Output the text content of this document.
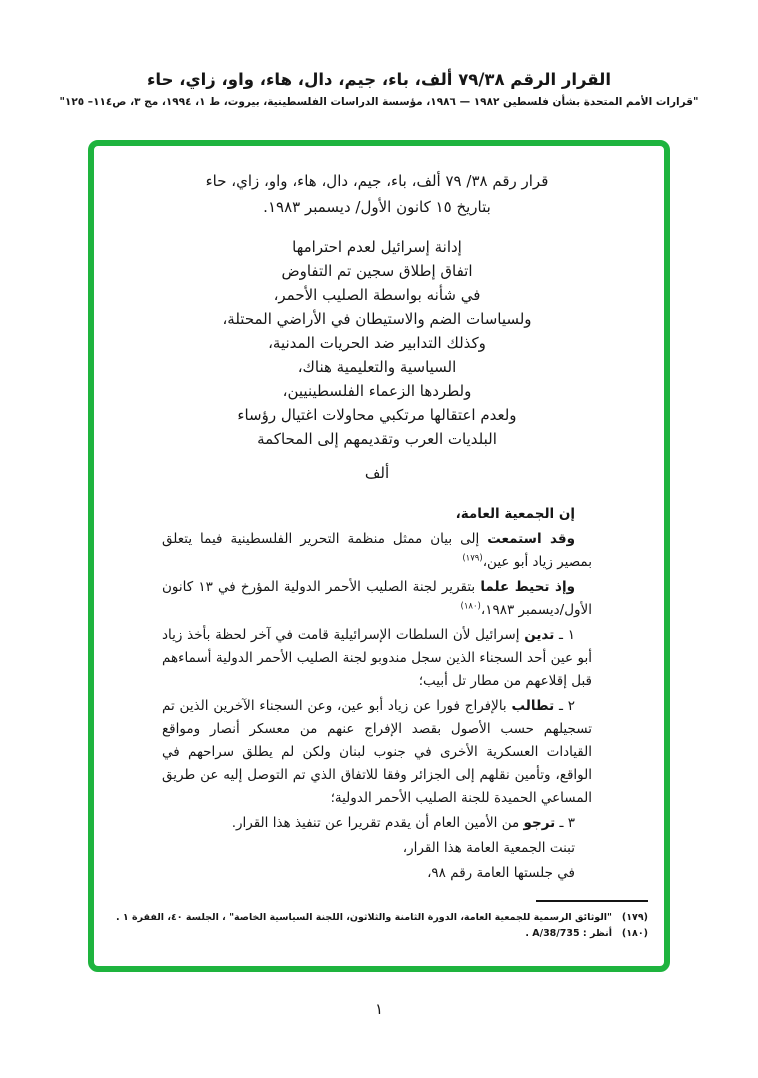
القرار الرقم ٧٩/٣٨ ألف، باء، جيم، دال، هاء، واو، زاي، حاء
"قرارات الأمم المتحدة بشأن فلسطين ١٩٨٢ — ١٩٨٦، مؤسسة الدراسات الفلسطينية، بيروت، ط ١، ١٩٩٤، مج ٣، ص١١٤– ١٢٥"
قرار رقم ٣٨/ ٧٩ ألف، باء، جيم، دال، هاء، واو، زاي، حاء
بتاريخ ١٥ كانون الأول/ ديسمبر ١٩٨٣.
إدانة إسرائيل لعدم احترامها
اتفاق إطلاق سجين تم التفاوض
في شأنه بواسطة الصليب الأحمر،
ولسياسات الضم والاستيطان في الأراضي المحتلة،
وكذلك التدابير ضد الحريات المدنية،
السياسية والتعليمية هناك،
ولطردها الزعماء الفلسطينيين،
ولعدم اعتقالها مرتكبي محاولات اغتيال رؤساء
البلديات العرب وتقديمهم إلى المحاكمة
ألف

إن الجمعية العامة،

وقد استمعت إلى بيان ممثل منظمة التحرير الفلسطينية فيما يتعلق بمصير زياد أبو عين،$^{(١٧٩)}$

وإذ تحيط علما بتقرير لجنة الصليب الأحمر الدولية المؤرخ في ١٣ كانون الأول/ديسمبر ١٩٨٣،$^{(١٨٠)}$

١ ـ تدين إسرائيل لأن السلطات الإسرائيلية قامت في آخر لحظة بأخذ زياد أبو عين أحد السجناء الذين سجل مندوبو لجنة الصليب الأحمر الدولية أسماءهم قبل إقلاعهم من مطار تل أبيب؛

٢ ـ تطالب بالإفراج فورا عن زياد أبو عين، وعن السجناء الآخرين الذين تم تسجيلهم حسب الأصول بقصد الإفراج عنهم من معسكر أنصار ومواقع القيادات العسكرية الأخرى في جنوب لبنان ولكن لم يطلق سراحهم في الواقع، وتأمين نقلهم إلى الجزائر وفقا للاتفاق الذي تم التوصل إليه عن طريق المساعي الحميدة للجنة الصليب الأحمر الدولية؛

٣ ـ ترجو من الأمين العام أن يقدم تقريرا عن تنفيذ هذا القرار.

تبنت الجمعية العامة هذا القرار،

في جلستها العامة رقم ٩٨،

(١٧٩)
"الوثائق الرسمية للجمعية العامة، الدورة الثامنة والثلاثون، اللجنة السياسية الخاصة" ، الجلسة ٤٠، الفقرة ١ .
(١٨٠)
أنظر : A/38/735 .
١
